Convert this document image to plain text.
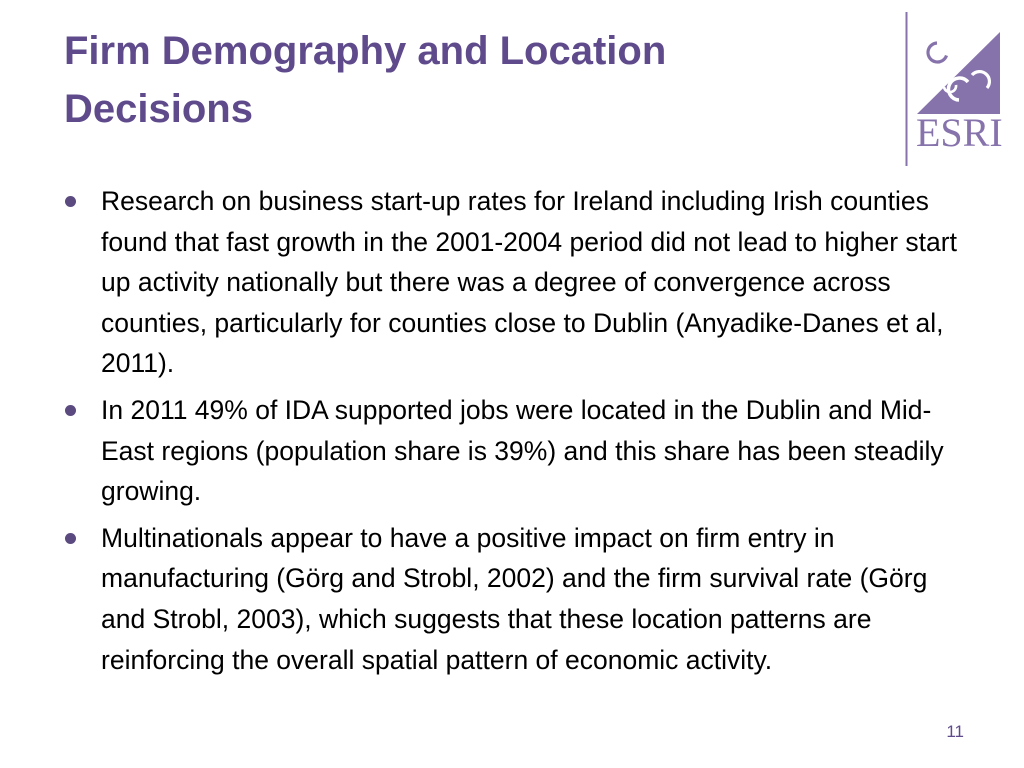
Firm Demography and Location
Decisions
ESRI
Research on business start-up rates for Ireland including Irish counties found that fast growth in the 2001-2004 period did not lead to higher start up activity nationally but there was a degree of convergence across counties, particularly for counties close to Dublin (Anyadike-Danes et al, 2011).
In 2011 49% of IDA supported jobs were located in the Dublin and Mid-East regions (population share is 39%) and this share has been steadily growing.
Multinationals appear to have a positive impact on firm entry in manufacturing (Görg and Strobl, 2002) and the firm survival rate (Görg and Strobl, 2003), which suggests that these location patterns are reinforcing the overall spatial pattern of economic activity.
11
